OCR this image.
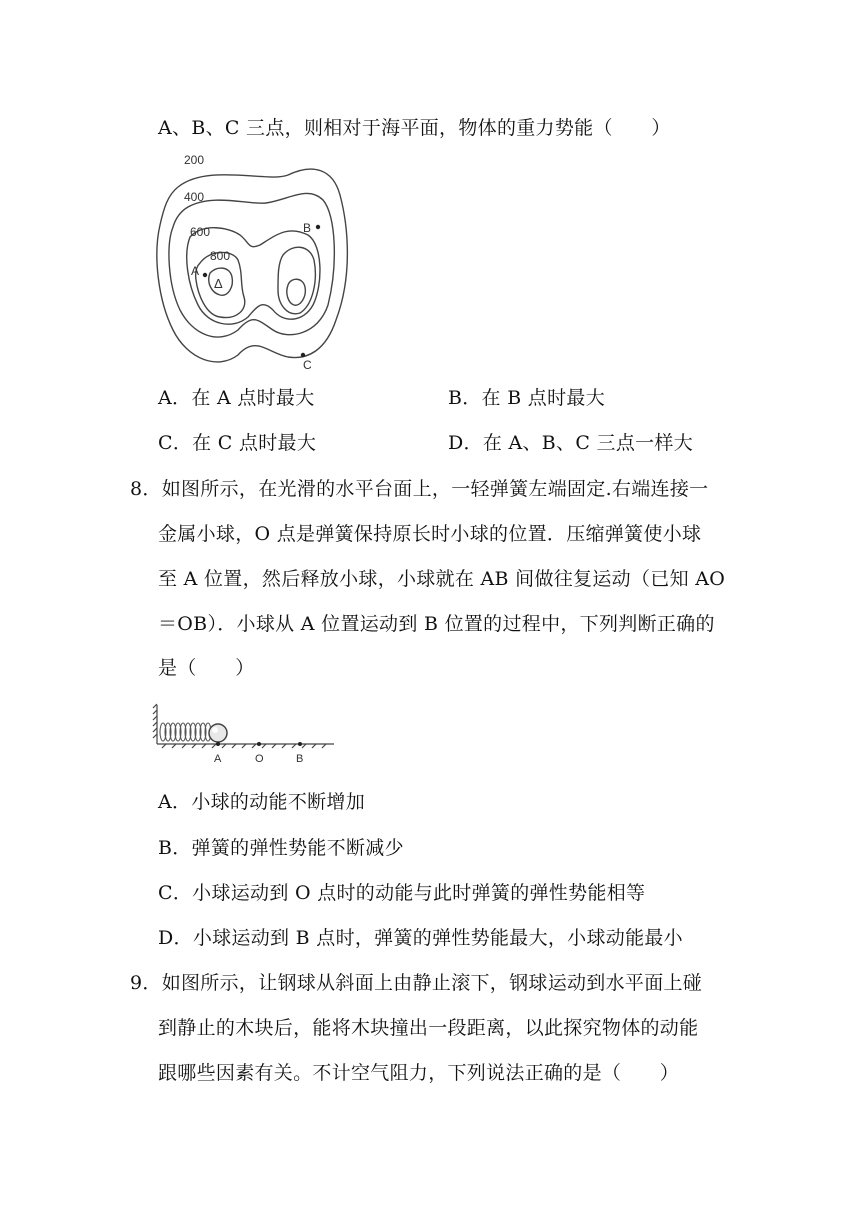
A、B、C 三点，则相对于海平面，物体的重力势能（　　）
200
400
600
800
Δ
A
B
C
A．在 A 点时最大	B．在 B 点时最大
C．在 C 点时最大	D．在 A、B、C 三点一样大
8．如图所示，在光滑的水平台面上，一轻弹簧左端固定.右端连接一
金属小球，O 点是弹簧保持原长时小球的位置．压缩弹簧使小球
至 A 位置，然后释放小球，小球就在 AB 间做往复运动（已知 AO
＝OB）．小球从 A 位置运动到 B 位置的过程中，下列判断正确的
是（　　）
A	O	B
A．小球的动能不断增加
B．弹簧的弹性势能不断减少
C．小球运动到 O 点时的动能与此时弹簧的弹性势能相等
D．小球运动到 B 点时，弹簧的弹性势能最大，小球动能最小
9．如图所示，让钢球从斜面上由静止滚下，钢球运动到水平面上碰
到静止的木块后，能将木块撞出一段距离，以此探究物体的动能
跟哪些因素有关。不计空气阻力，下列说法正确的是（　　）
